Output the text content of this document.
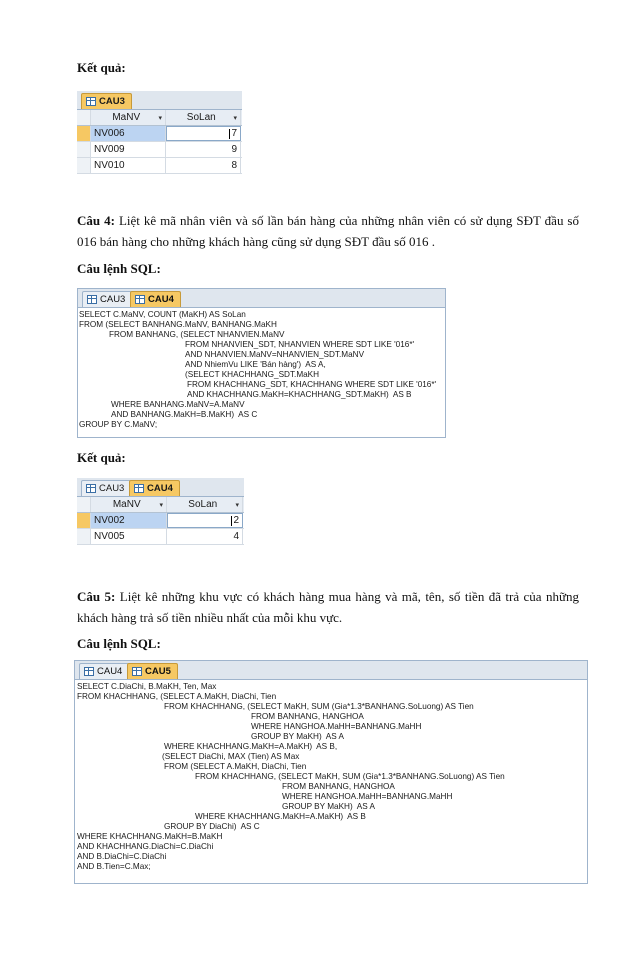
Kết quả:
CAU3
MaNV	▾ SoLan	▾
NV006	7
NV009	9
NV010	8
Câu 4: Liệt kê mã nhân viên và số lần bán hàng của những nhân viên có sử dụng SĐT đầu số 016 bán hàng cho những khách hàng cũng sử dụng SĐT đầu số 016 .
Câu lệnh SQL:
CAU3 CAU4
SELECT C.MaNV, COUNT (MaKH) AS SoLan
FROM (SELECT BANHANG.MaNV, BANHANG.MaKH
FROM BANHANG, (SELECT NHANVIEN.MaNV
FROM NHANVIEN_SDT, NHANVIEN WHERE SDT LIKE '016*'
AND NHANVIEN.MaNV=NHANVIEN_SDT.MaNV
AND NhiemVu LIKE 'Bán hàng')  AS A,
(SELECT KHACHHANG_SDT.MaKH
FROM KHACHHANG_SDT, KHACHHANG WHERE SDT LIKE '016*'
AND KHACHHANG.MaKH=KHACHHANG_SDT.MaKH)  AS B
WHERE BANHANG.MaNV=A.MaNV
AND BANHANG.MaKH=B.MaKH)  AS C
GROUP BY C.MaNV;
Kết quả:
CAU3 CAU4
MaNV	▾	SoLan	▾
NV002	2
NV005	4
Câu 5: Liệt kê những khu vực có khách hàng mua hàng và mã, tên, số tiền đã trả của những khách hàng trả số tiền nhiều nhất của mỗi khu vực.
Câu lệnh SQL:
CAU4 CAU5
SELECT C.DiaChi, B.MaKH, Ten, Max
FROM KHACHHANG, (SELECT A.MaKH, DiaChi, Tien
FROM KHACHHANG, (SELECT MaKH, SUM (Gia*1.3*BANHANG.SoLuong) AS Tien
FROM BANHANG, HANGHOA
WHERE HANGHOA.MaHH=BANHANG.MaHH
GROUP BY MaKH)  AS A
WHERE KHACHHANG.MaKH=A.MaKH)  AS B,
(SELECT DiaChi, MAX (Tien) AS Max
FROM (SELECT A.MaKH, DiaChi, Tien
FROM KHACHHANG, (SELECT MaKH, SUM (Gia*1.3*BANHANG.SoLuong) AS Tien
FROM BANHANG, HANGHOA
WHERE HANGHOA.MaHH=BANHANG.MaHH
GROUP BY MaKH)  AS A
WHERE KHACHHANG.MaKH=A.MaKH)  AS B
GROUP BY DiaChi)  AS C
WHERE KHACHHANG.MaKH=B.MaKH
AND KHACHHANG.DiaChi=C.DiaChi
AND B.DiaChi=C.DiaChi
AND B.Tien=C.Max;
